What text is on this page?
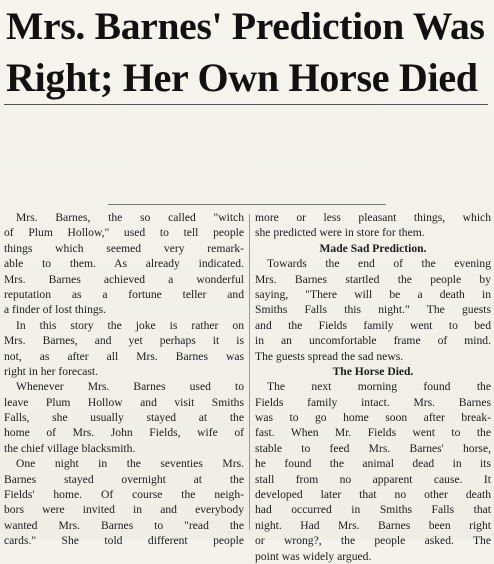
Mrs. Barnes' Prediction Was
Right; Her Own Horse Died
Mrs. Barnes, the so called "witch
of Plum Hollow," used to tell people
things which seemed very remark-
able to them. As already indicated.
Mrs. Barnes achieved a wonderful
reputation as a fortune teller and
a finder of lost things.
In this story the joke is rather on
Mrs. Barnes, and yet perhaps it is
not, as after all Mrs. Barnes was
right in her forecast.
Whenever Mrs. Barnes used to
leave Plum Hollow and visit Smiths
Falls, she usually stayed at the
home of Mrs. John Fields, wife of
the chief village blacksmith.
One night in the seventies Mrs.
Barnes stayed overnight at the
Fields' home. Of course the neigh-
bors were invited in and everybody
wanted Mrs. Barnes to "read the
cards." She told different people
more or less pleasant things, which
she predicted were in store for them.
Made Sad Prediction.
Towards the end of the evening
Mrs. Barnes startled the people by
saying, "There will be a death in
Smiths Falls this night." The guests
and the Fields family went to bed
in an uncomfortable frame of mind.
The guests spread the sad news.
The Horse Died.
The next morning found the
Fields family intact. Mrs. Barnes
was to go home soon after break-
fast. When Mr. Fields went to the
stable to feed Mrs. Barnes' horse,
he found the animal dead in its
stall from no apparent cause. It
developed later that no other death
had occurred in Smiths Falls that
night. Had Mrs. Barnes been right
or wrong?, the people asked. The
point was widely argued.
